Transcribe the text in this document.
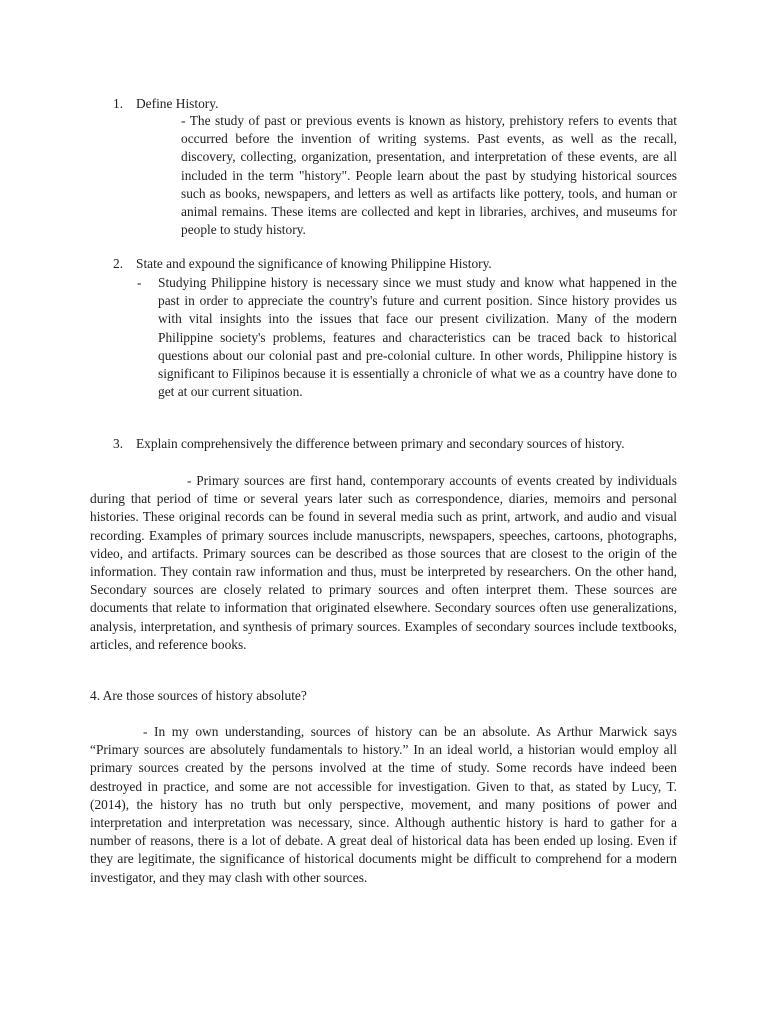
1. Define History.

- The study of past or previous events is known as history, prehistory refers to events that occurred before the invention of writing systems. Past events, as well as the recall, discovery, collecting, organization, presentation, and interpretation of these events, are all included in the term "history". People learn about the past by studying historical sources such as books, newspapers, and letters as well as artifacts like pottery, tools, and human or animal remains. These items are collected and kept in libraries, archives, and museums for people to study history.

2. State and expound the significance of knowing Philippine History.
- Studying Philippine history is necessary since we must study and know what happened in the past in order to appreciate the country's future and current position. Since history provides us with vital insights into the issues that face our present civilization. Many of the modern Philippine society's problems, features and characteristics can be traced back to historical questions about our colonial past and pre-colonial culture. In other words, Philippine history is significant to Filipinos because it is essentially a chronicle of what we as a country have done to get at our current situation.

3. Explain comprehensively the difference between primary and secondary sources of history.

- Primary sources are first hand, contemporary accounts of events created by individuals during that period of time or several years later such as correspondence, diaries, memoirs and personal histories. These original records can be found in several media such as print, artwork, and audio and visual recording. Examples of primary sources include manuscripts, newspapers, speeches, cartoons, photographs, video, and artifacts. Primary sources can be described as those sources that are closest to the origin of the information. They contain raw information and thus, must be interpreted by researchers. On the other hand, Secondary sources are closely related to primary sources and often interpret them. These sources are documents that relate to information that originated elsewhere. Secondary sources often use generalizations, analysis, interpretation, and synthesis of primary sources. Examples of secondary sources include textbooks, articles, and reference books.

4. Are those sources of history absolute?

- In my own understanding, sources of history can be an absolute. As Arthur Marwick says “Primary sources are absolutely fundamentals to history.” In an ideal world, a historian would employ all primary sources created by the persons involved at the time of study. Some records have indeed been destroyed in practice, and some are not accessible for investigation. Given to that, as stated by Lucy, T. (2014), the history has no truth but only perspective, movement, and many positions of power and interpretation and interpretation was necessary, since. Although authentic history is hard to gather for a number of reasons, there is a lot of debate. A great deal of historical data has been ended up losing. Even if they are legitimate, the significance of historical documents might be difficult to comprehend for a modern investigator, and they may clash with other sources.
